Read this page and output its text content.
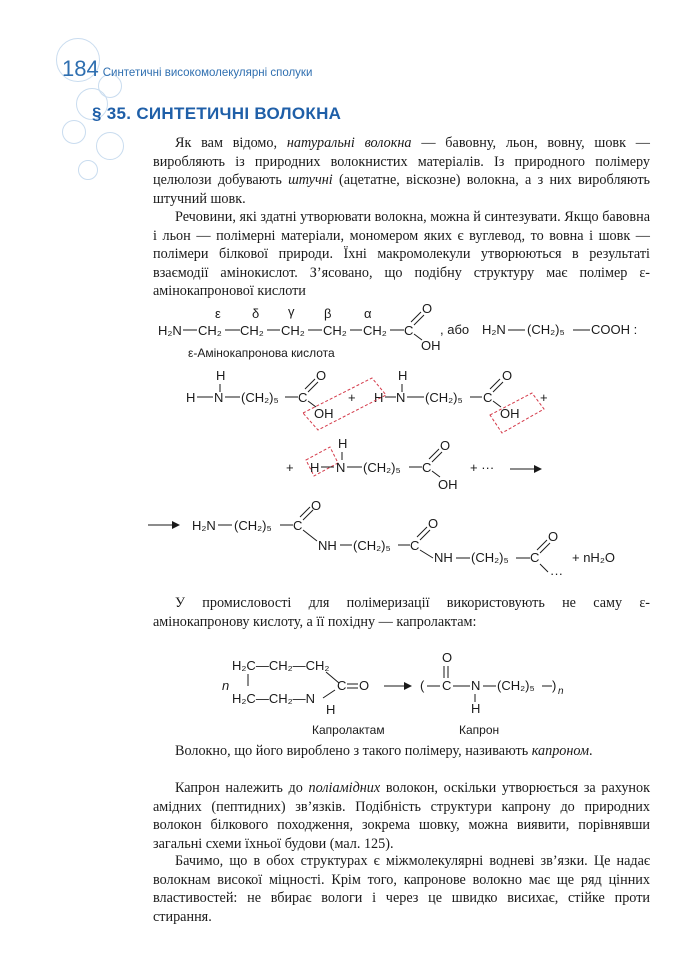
184 Синтетичні високомолекулярні сполуки
§ 35. СИНТЕТИЧНІ ВОЛОКНА
Як вам відомо, натуральні волокна — бавовну, льон, вовну, шовк — виробляють із природних волокнистих матеріалів. Із природного полімеру целюлози добувають штучні (ацетатне, віскозне) волокна, а з них виробляють штучний шовк.
Речовини, які здатні утворювати волокна, можна й синтезувати. Якщо бавовна і льон — полімерні матеріали, мономером яких є вуглевод, то вовна і шовк — полімери білкової природи. Їхні макромолекули утворюються в результаті взаємодії амінокислот. З’ясовано, що подібну структуру має полімер ε-амінокапронової кислоти
У промисловості для полімеризації використовують не саму ε-амінокапронову кислоту, а її похідну — капролактам:
Волокно, що його вироблено з такого полімеру, називають капроном.
Капрон належить до поліамідних волокон, оскільки утворюється за рахунок амідних (пептидних) зв’язків. Подібність структури капрону до природних волокон білкового походження, зокрема шовку, можна виявити, порівнявши загальні схеми їхньої будови (мал. 125).
Бачимо, що в обох структурах є міжмолекулярні водневі зв’язки. Це надає волокнам високої міцності. Крім того, капронове волокно має ще ряд цінних властивостей: не вбирає вологи і через це швидко висихає, стійке проти стирання.
ε δ γ β	α
H₂N CH₂ CH₂ CH₂ CH₂ CH₂ C
O
OH
, або H₂N (CH₂)₅ COOH :
ε-Амінокапронова кислота
H
H N (CH₂)₅ C
O
OH
+
H
H N (CH₂)₅ C
O
OH
+
H
+ H N (CH₂)₅ C
O
OH
+ ···
H₂N (CH₂)₅ C
O
NH (CH₂)₅ C
O
NH (CH₂)₅ C
O
···
+ nH₂O
n
H₂C—CH₂—CH₂
H₂C—CH₂—N
C O
H
( C
O
N
H
(CH₂)₅ ) n
Капролактам	Капрон
